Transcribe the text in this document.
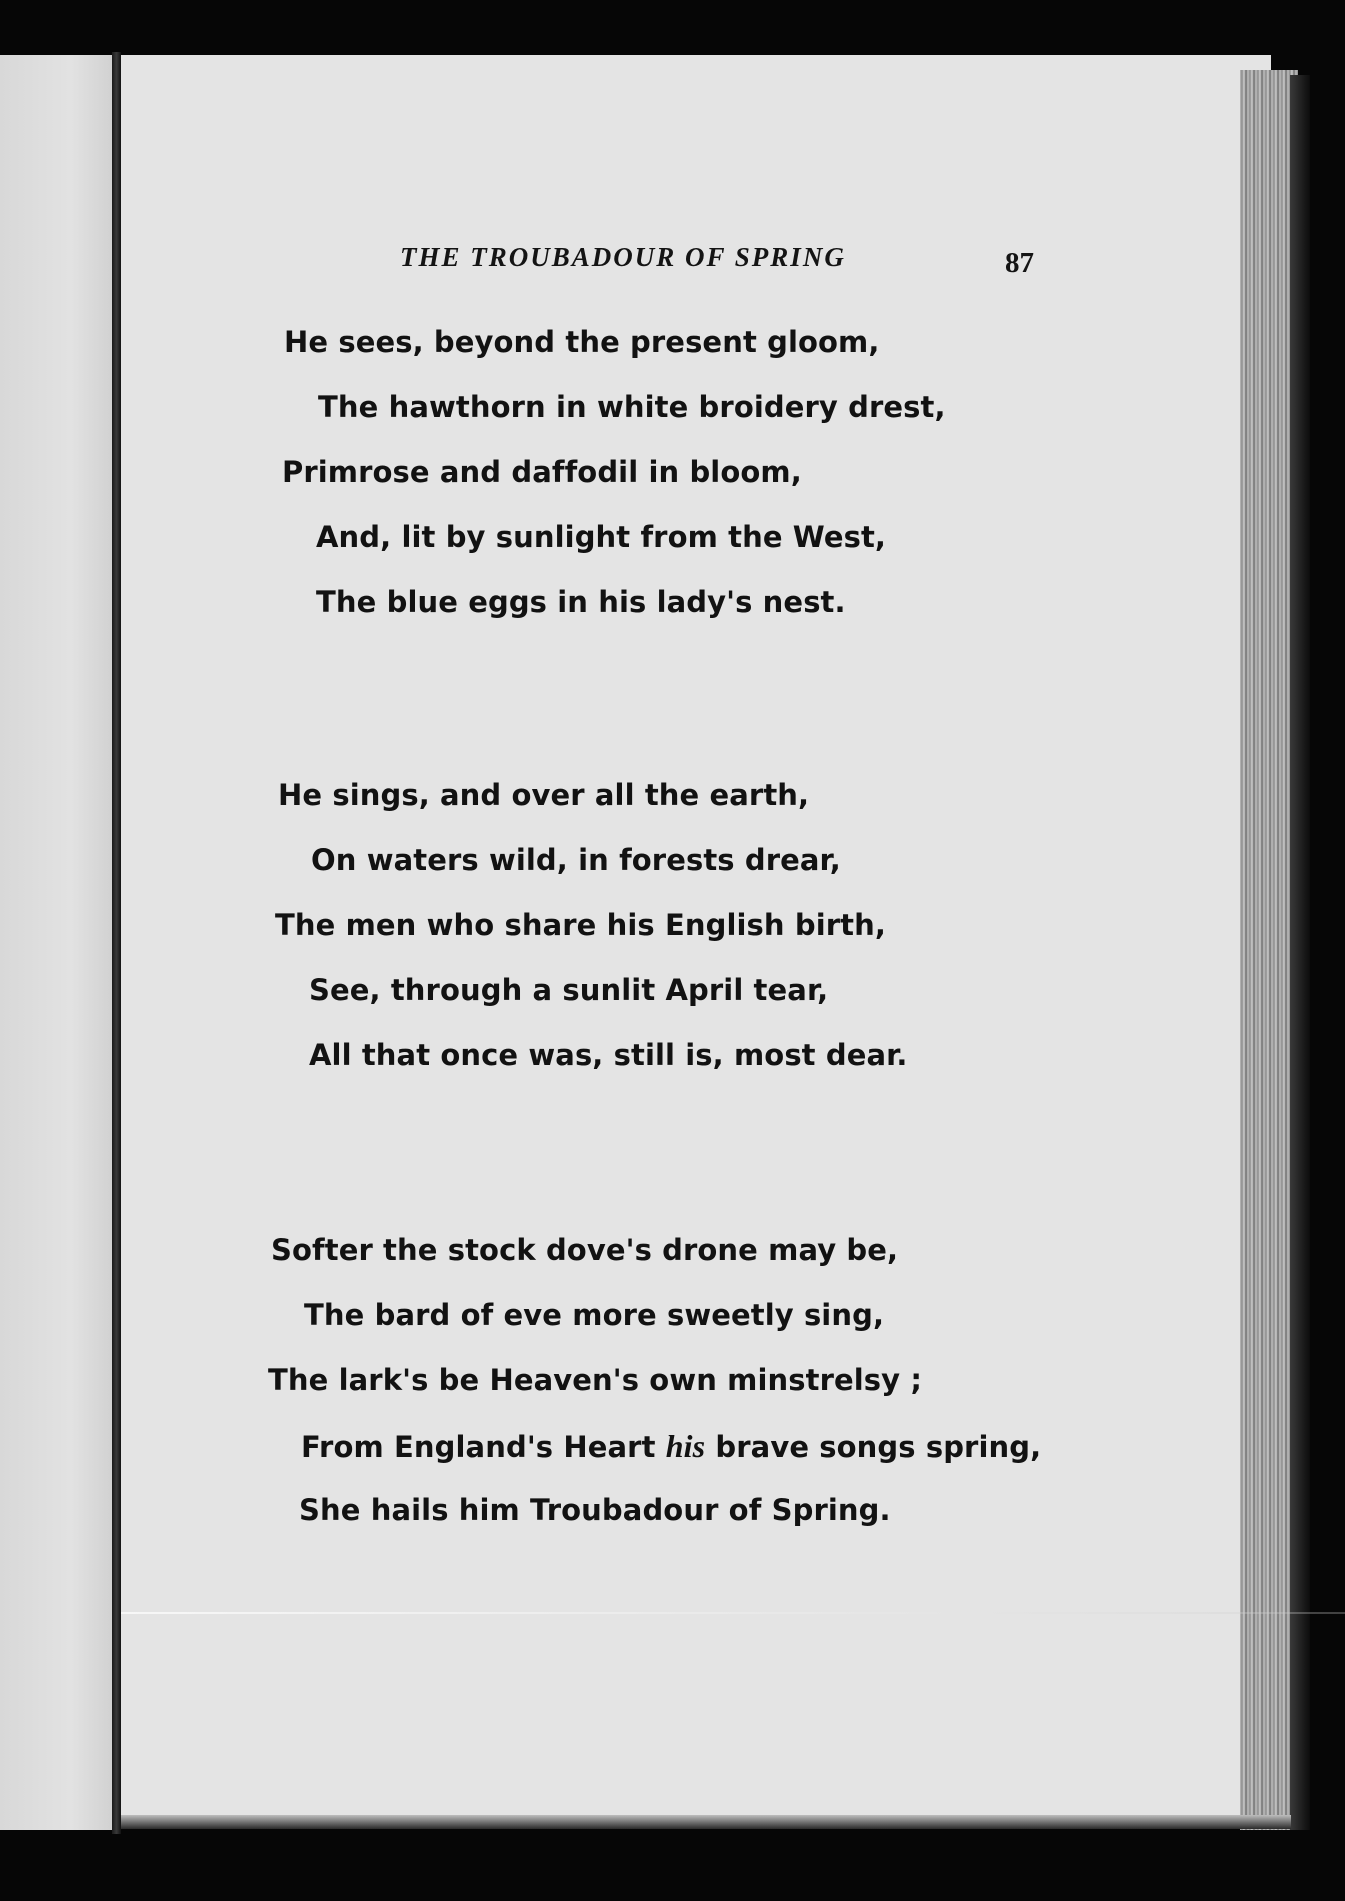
THE TROUBADOUR OF SPRING	87
He sees, beyond the present gloom,
The hawthorn in white broidery drest,
Primrose and daffodil in bloom,
And, lit by sunlight from the West,
The blue eggs in his lady's nest.
He sings, and over all the earth,
On waters wild, in forests drear,
The men who share his English birth,
See, through a sunlit April tear,
All that once was, still is, most dear.
Softer the stock dove's drone may be,
The bard of eve more sweetly sing,
The lark's be Heaven's own minstrelsy ;
From England's Heart his brave songs spring,
She hails him Troubadour of Spring.
